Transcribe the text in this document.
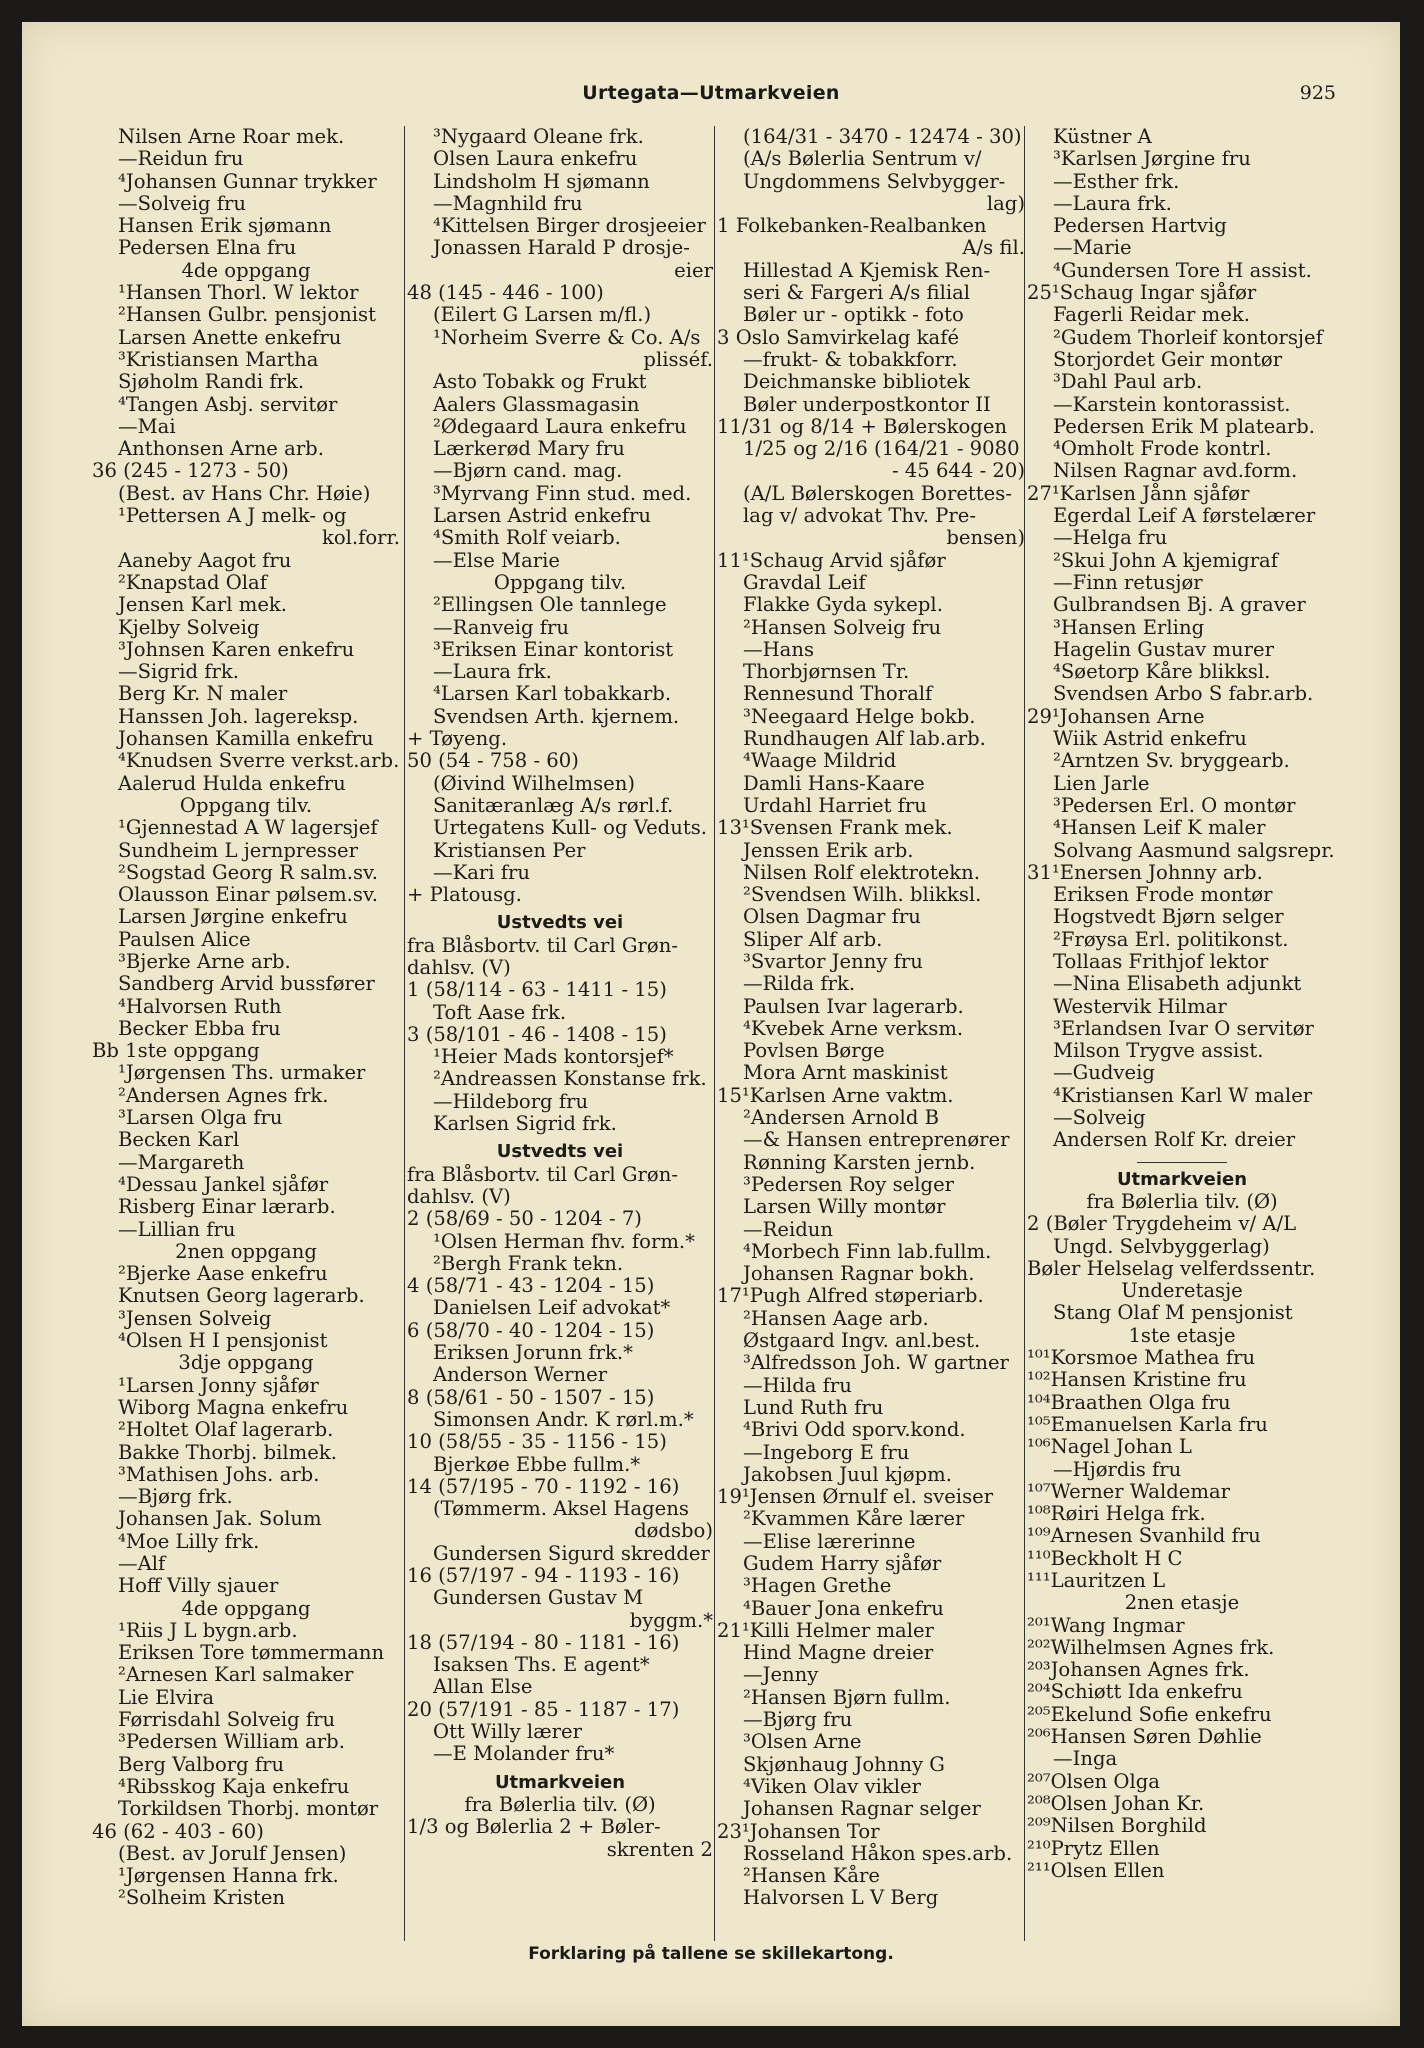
Urtegata—Utmarkveien	925
Nilsen Arne Roar mek.
—Reidun fru
⁴Johansen Gunnar trykker
—Solveig fru
Hansen Erik sjømann
Pedersen Elna fru
4de oppgang
¹Hansen Thorl. W lektor
²Hansen Gulbr. pensjonist
Larsen Anette enkefru
³Kristiansen Martha
Sjøholm Randi frk.
⁴Tangen Asbj. servitør
—Mai
Anthonsen Arne arb.
36 (245 - 1273 - 50)
(Best. av Hans Chr. Høie)
¹Pettersen A J melk- og
kol.forr.
Aaneby Aagot fru
²Knapstad Olaf
Jensen Karl mek.
Kjelby Solveig
³Johnsen Karen enkefru
—Sigrid frk.
Berg Kr. N maler
Hanssen Joh. lagereksp.
Johansen Kamilla enkefru
⁴Knudsen Sverre verkst.arb.
Aalerud Hulda enkefru
Oppgang tilv.
¹Gjennestad A W lagersjef
Sundheim L jernpresser
²Sogstad Georg R salm.sv.
Olausson Einar pølsem.sv.
Larsen Jørgine enkefru
Paulsen Alice
³Bjerke Arne arb.
Sandberg Arvid bussfører
⁴Halvorsen Ruth
Becker Ebba fru
Bb 1ste oppgang
¹Jørgensen Ths. urmaker
²Andersen Agnes frk.
³Larsen Olga fru
Becken Karl
—Margareth
⁴Dessau Jankel sjåfør
Risberg Einar lærarb.
—Lillian fru
2nen oppgang
²Bjerke Aase enkefru
Knutsen Georg lagerarb.
³Jensen Solveig
⁴Olsen H I pensjonist
3dje oppgang
¹Larsen Jonny sjåfør
Wiborg Magna enkefru
²Holtet Olaf lagerarb.
Bakke Thorbj. bilmek.
³Mathisen Johs. arb.
—Bjørg frk.
Johansen Jak. Solum
⁴Moe Lilly frk.
—Alf
Hoff Villy sjauer
4de oppgang
¹Riis J L bygn.arb.
Eriksen Tore tømmermann
²Arnesen Karl salmaker
Lie Elvira
Førrisdahl Solveig fru
³Pedersen William arb.
Berg Valborg fru
⁴Ribsskog Kaja enkefru
Torkildsen Thorbj. montør
46 (62 - 403 - 60)
(Best. av Jorulf Jensen)
¹Jørgensen Hanna frk.
²Solheim Kristen
³Nygaard Oleane frk.
Olsen Laura enkefru
Lindsholm H sjømann
—Magnhild fru
⁴Kittelsen Birger drosjeeier
Jonassen Harald P drosje-
eier
48 (145 - 446 - 100)
(Eilert G Larsen m/fl.)
¹Norheim Sverre & Co. A/s
plisséf.
Asto Tobakk og Frukt
Aalers Glassmagasin
²Ødegaard Laura enkefru
Lærkerød Mary fru
—Bjørn cand. mag.
³Myrvang Finn stud. med.
Larsen Astrid enkefru
⁴Smith Rolf veiarb.
—Else Marie
Oppgang tilv.
²Ellingsen Ole tannlege
—Ranveig fru
³Eriksen Einar kontorist
—Laura frk.
⁴Larsen Karl tobakkarb.
Svendsen Arth. kjernem.
+ Tøyeng.
50 (54 - 758 - 60)
(Øivind Wilhelmsen)
Sanitæranlæg A/s rørl.f.
Urtegatens Kull- og Veduts.
Kristiansen Per
—Kari fru
+ Platousg.
Ustvedts vei
fra Blåsbortv. til Carl Grøn-
dahlsv. (V)
1 (58/114 - 63 - 1411 - 15)
Toft Aase frk.
3 (58/101 - 46 - 1408 - 15)
¹Heier Mads kontorsjef*
²Andreassen Konstanse frk.
—Hildeborg fru
Karlsen Sigrid frk.
Ustvedts vei
fra Blåsbortv. til Carl Grøn-
dahlsv. (V)
2 (58/69 - 50 - 1204 - 7)
¹Olsen Herman fhv. form.*
²Bergh Frank tekn.
4 (58/71 - 43 - 1204 - 15)
Danielsen Leif advokat*
6 (58/70 - 40 - 1204 - 15)
Eriksen Jorunn frk.*
Anderson Werner
8 (58/61 - 50 - 1507 - 15)
Simonsen Andr. K rørl.m.*
10 (58/55 - 35 - 1156 - 15)
Bjerkøe Ebbe fullm.*
14 (57/195 - 70 - 1192 - 16)
(Tømmerm. Aksel Hagens
dødsbo)
Gundersen Sigurd skredder
16 (57/197 - 94 - 1193 - 16)
Gundersen Gustav M
byggm.*
18 (57/194 - 80 - 1181 - 16)
Isaksen Ths. E agent*
Allan Else
20 (57/191 - 85 - 1187 - 17)
Ott Willy lærer
—E Molander fru*
Utmarkveien
fra Bølerlia tilv. (Ø)
1/3 og Bølerlia 2 + Bøler-
skrenten 2
(164/31 - 3470 - 12474 - 30)
(A/s Bølerlia Sentrum v/
Ungdommens Selvbygger-
lag)
1 Folkebanken-Realbanken
A/s fil.
Hillestad A Kjemisk Ren-
seri & Fargeri A/s filial
Bøler ur - optikk - foto
3 Oslo Samvirkelag kafé
—frukt- & tobakkforr.
Deichmanske bibliotek
Bøler underpostkontor II
11/31 og 8/14 + Bølerskogen
1/25 og 2/16 (164/21 - 9080
- 45 644 - 20)
(A/L Bølerskogen Borettes-
lag v/ advokat Thv. Pre-
bensen)
11¹Schaug Arvid sjåfør
Gravdal Leif
Flakke Gyda sykepl.
²Hansen Solveig fru
—Hans
Thorbjørnsen Tr.
Rennesund Thoralf
³Neegaard Helge bokb.
Rundhaugen Alf lab.arb.
⁴Waage Mildrid
Damli Hans-Kaare
Urdahl Harriet fru
13¹Svensen Frank mek.
Jenssen Erik arb.
Nilsen Rolf elektrotekn.
²Svendsen Wilh. blikksl.
Olsen Dagmar fru
Sliper Alf arb.
³Svartor Jenny fru
—Rilda frk.
Paulsen Ivar lagerarb.
⁴Kvebek Arne verksm.
Povlsen Børge
Mora Arnt maskinist
15¹Karlsen Arne vaktm.
²Andersen Arnold B
—& Hansen entreprenører
Rønning Karsten jernb.
³Pedersen Roy selger
Larsen Willy montør
—Reidun
⁴Morbech Finn lab.fullm.
Johansen Ragnar bokh.
17¹Pugh Alfred støperiarb.
²Hansen Aage arb.
Østgaard Ingv. anl.best.
³Alfredsson Joh. W gartner
—Hilda fru
Lund Ruth fru
⁴Brivi Odd sporv.kond.
—Ingeborg E fru
Jakobsen Juul kjøpm.
19¹Jensen Ørnulf el. sveiser
²Kvammen Kåre lærer
—Elise lærerinne
Gudem Harry sjåfør
³Hagen Grethe
⁴Bauer Jona enkefru
21¹Killi Helmer maler
Hind Magne dreier
—Jenny
²Hansen Bjørn fullm.
—Bjørg fru
³Olsen Arne
Skjønhaug Johnny G
⁴Viken Olav vikler
Johansen Ragnar selger
23¹Johansen Tor
Rosseland Håkon spes.arb.
²Hansen Kåre
Halvorsen L V Berg
Küstner A
³Karlsen Jørgine fru
—Esther frk.
—Laura frk.
Pedersen Hartvig
—Marie
⁴Gundersen Tore H assist.
25¹Schaug Ingar sjåfør
Fagerli Reidar mek.
²Gudem Thorleif kontorsjef
Storjordet Geir montør
³Dahl Paul arb.
—Karstein kontorassist.
Pedersen Erik M platearb.
⁴Omholt Frode kontrl.
Nilsen Ragnar avd.form.
27¹Karlsen Jånn sjåfør
Egerdal Leif A førstelærer
—Helga fru
²Skui John A kjemigraf
—Finn retusjør
Gulbrandsen Bj. A graver
³Hansen Erling
Hagelin Gustav murer
⁴Søetorp Kåre blikksl.
Svendsen Arbo S fabr.arb.
29¹Johansen Arne
Wiik Astrid enkefru
²Arntzen Sv. bryggearb.
Lien Jarle
³Pedersen Erl. O montør
⁴Hansen Leif K maler
Solvang Aasmund salgsrepr.
31¹Enersen Johnny arb.
Eriksen Frode montør
Hogstvedt Bjørn selger
²Frøysa Erl. politikonst.
Tollaas Frithjof lektor
—Nina Elisabeth adjunkt
Westervik Hilmar
³Erlandsen Ivar O servitør
Milson Trygve assist.
—Gudveig
⁴Kristiansen Karl W maler
—Solveig
Andersen Rolf Kr. dreier
Utmarkveien
fra Bølerlia tilv. (Ø)
2 (Bøler Trygdeheim v/ A/L
Ungd. Selvbyggerlag)
Bøler Helselag velferdssentr.
Underetasje
Stang Olaf M pensjonist
1ste etasje
¹⁰¹Korsmoe Mathea fru
¹⁰²Hansen Kristine fru
¹⁰⁴Braathen Olga fru
¹⁰⁵Emanuelsen Karla fru
¹⁰⁶Nagel Johan L
—Hjørdis fru
¹⁰⁷Werner Waldemar
¹⁰⁸Røiri Helga frk.
¹⁰⁹Arnesen Svanhild fru
¹¹⁰Beckholt H C
¹¹¹Lauritzen L
2nen etasje
²⁰¹Wang Ingmar
²⁰²Wilhelmsen Agnes frk.
²⁰³Johansen Agnes frk.
²⁰⁴Schiøtt Ida enkefru
²⁰⁵Ekelund Sofie enkefru
²⁰⁶Hansen Søren Døhlie
—Inga
²⁰⁷Olsen Olga
²⁰⁸Olsen Johan Kr.
²⁰⁹Nilsen Borghild
²¹⁰Prytz Ellen
²¹¹Olsen Ellen
Forklaring på tallene se skillekartong.
